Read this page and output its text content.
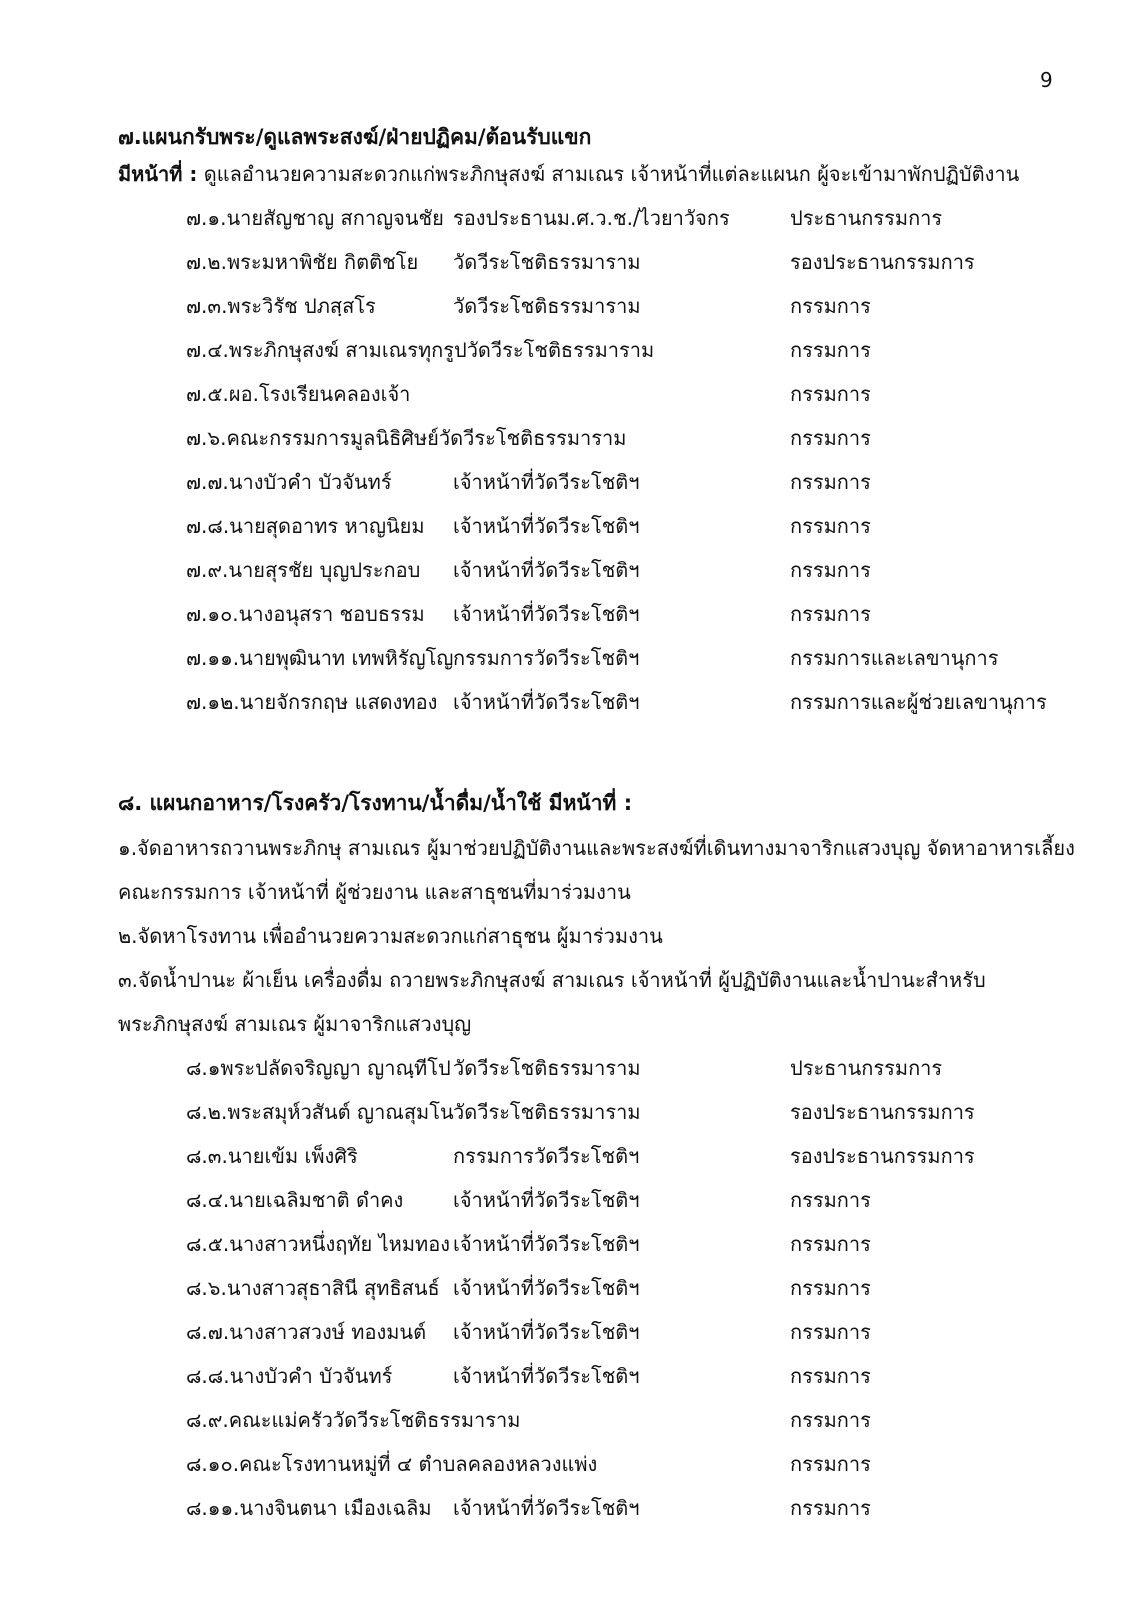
9
๗.แผนกรับพระ/ดูแลพระสงฆ์/ฝ่ายปฏิคม/ต้อนรับแขก
มีหน้าที่ : ดูแลอำนวยความสะดวกแก่พระภิกษุสงฆ์ สามเณร เจ้าหน้าที่แต่ละแผนก ผู้จะเข้ามาพักปฏิบัติงาน
๗.๑.นายสัญชาญ สกาญจนชัย รองประธานม.ศ.ว.ช./ไวยาวัจกร	ประธานกรรมการ
๗.๒.พระมหาพิชัย กิตติชโย วัดวีระโชติธรรมาราม	รองประธานกรรมการ
๗.๓.พระวิรัช ปภสฺสโร	วัดวีระโชติธรรมาราม	กรรมการ
๗.๔.พระภิกษุสงฆ์ สามเณรทุกรูปวัดวีระโชติธรรมาราม	กรรมการ
๗.๕.ผอ.โรงเรียนคลองเจ้า	กรรมการ
๗.๖.คณะกรรมการมูลนิธิศิษย์วัดวีระโชติธรรมาราม	กรรมการ
๗.๗.นางบัวคำ บัวจันทร์	เจ้าหน้าที่วัดวีระโชติฯ	กรรมการ
๗.๘.นายสุดอาทร หาญนิยม เจ้าหน้าที่วัดวีระโชติฯ	กรรมการ
๗.๙.นายสุรชัย บุญประกอบ เจ้าหน้าที่วัดวีระโชติฯ	กรรมการ
๗.๑๐.นางอนุสรา ชอบธรรม เจ้าหน้าที่วัดวีระโชติฯ	กรรมการ
๗.๑๑.นายพุฒินาท เทพหิรัญโญ กรรมการวัดวีระโชติฯ	กรรมการและเลขานุการ
๗.๑๒.นายจักรกฤษ แสดงทอง เจ้าหน้าที่วัดวีระโชติฯ	กรรมการและผู้ช่วยเลขานุการ
๘. แผนกอาหาร/โรงครัว/โรงทาน/น้ำดื่ม/น้ำใช้ มีหน้าที่ :
๑.จัดอาหารถวานพระภิกษุ สามเณร ผู้มาช่วยปฏิบัติงานและพระสงฆ์ที่เดินทางมาจาริกแสวงบุญ จัดหาอาหารเลี้ยง
คณะกรรมการ เจ้าหน้าที่ ผู้ช่วยงาน และสาธุชนที่มาร่วมงาน
๒.จัดหาโรงทาน เพื่ออำนวยความสะดวกแก่สาธุชน ผู้มาร่วมงาน
๓.จัดน้ำปานะ ผ้าเย็น เครื่องดื่ม ถวายพระภิกษุสงฆ์ สามเณร เจ้าหน้าที่ ผู้ปฏิบัติงานและน้ำปานะสำหรับ
พระภิกษุสงฆ์ สามเณร ผู้มาจาริกแสวงบุญ
๘.๑พระปลัดจริญญา ญาณฺทีโป วัดวีระโชติธรรมาราม	ประธานกรรมการ
๘.๒.พระสมุห์วสันต์ ญาณสุมโน วัดวีระโชติธรรมาราม	รองประธานกรรมการ
๘.๓.นายเข้ม เพ็งศิริ	กรรมการวัดวีระโชติฯ	รองประธานกรรมการ
๘.๔.นายเฉลิมชาติ ดำคง เจ้าหน้าที่วัดวีระโชติฯ	กรรมการ
๘.๕.นางสาวหนึ่งฤทัย ไหมทอง เจ้าหน้าที่วัดวีระโชติฯ	กรรมการ
๘.๖.นางสาวสุธาสินี สุทธิสนธ์ เจ้าหน้าที่วัดวีระโชติฯ	กรรมการ
๘.๗.นางสาวสวงษ์ ทองมนต์ เจ้าหน้าที่วัดวีระโชติฯ	กรรมการ
๘.๘.นางบัวคำ บัวจันทร์	เจ้าหน้าที่วัดวีระโชติฯ	กรรมการ
๘.๙.คณะแม่ครัววัดวีระโชติธรรมาราม	กรรมการ
๘.๑๐.คณะโรงทานหมู่ที่ ๔ ตำบลคลองหลวงแพ่ง	กรรมการ
๘.๑๑.นางจินตนา เมืองเฉลิม เจ้าหน้าที่วัดวีระโชติฯ	กรรมการ
